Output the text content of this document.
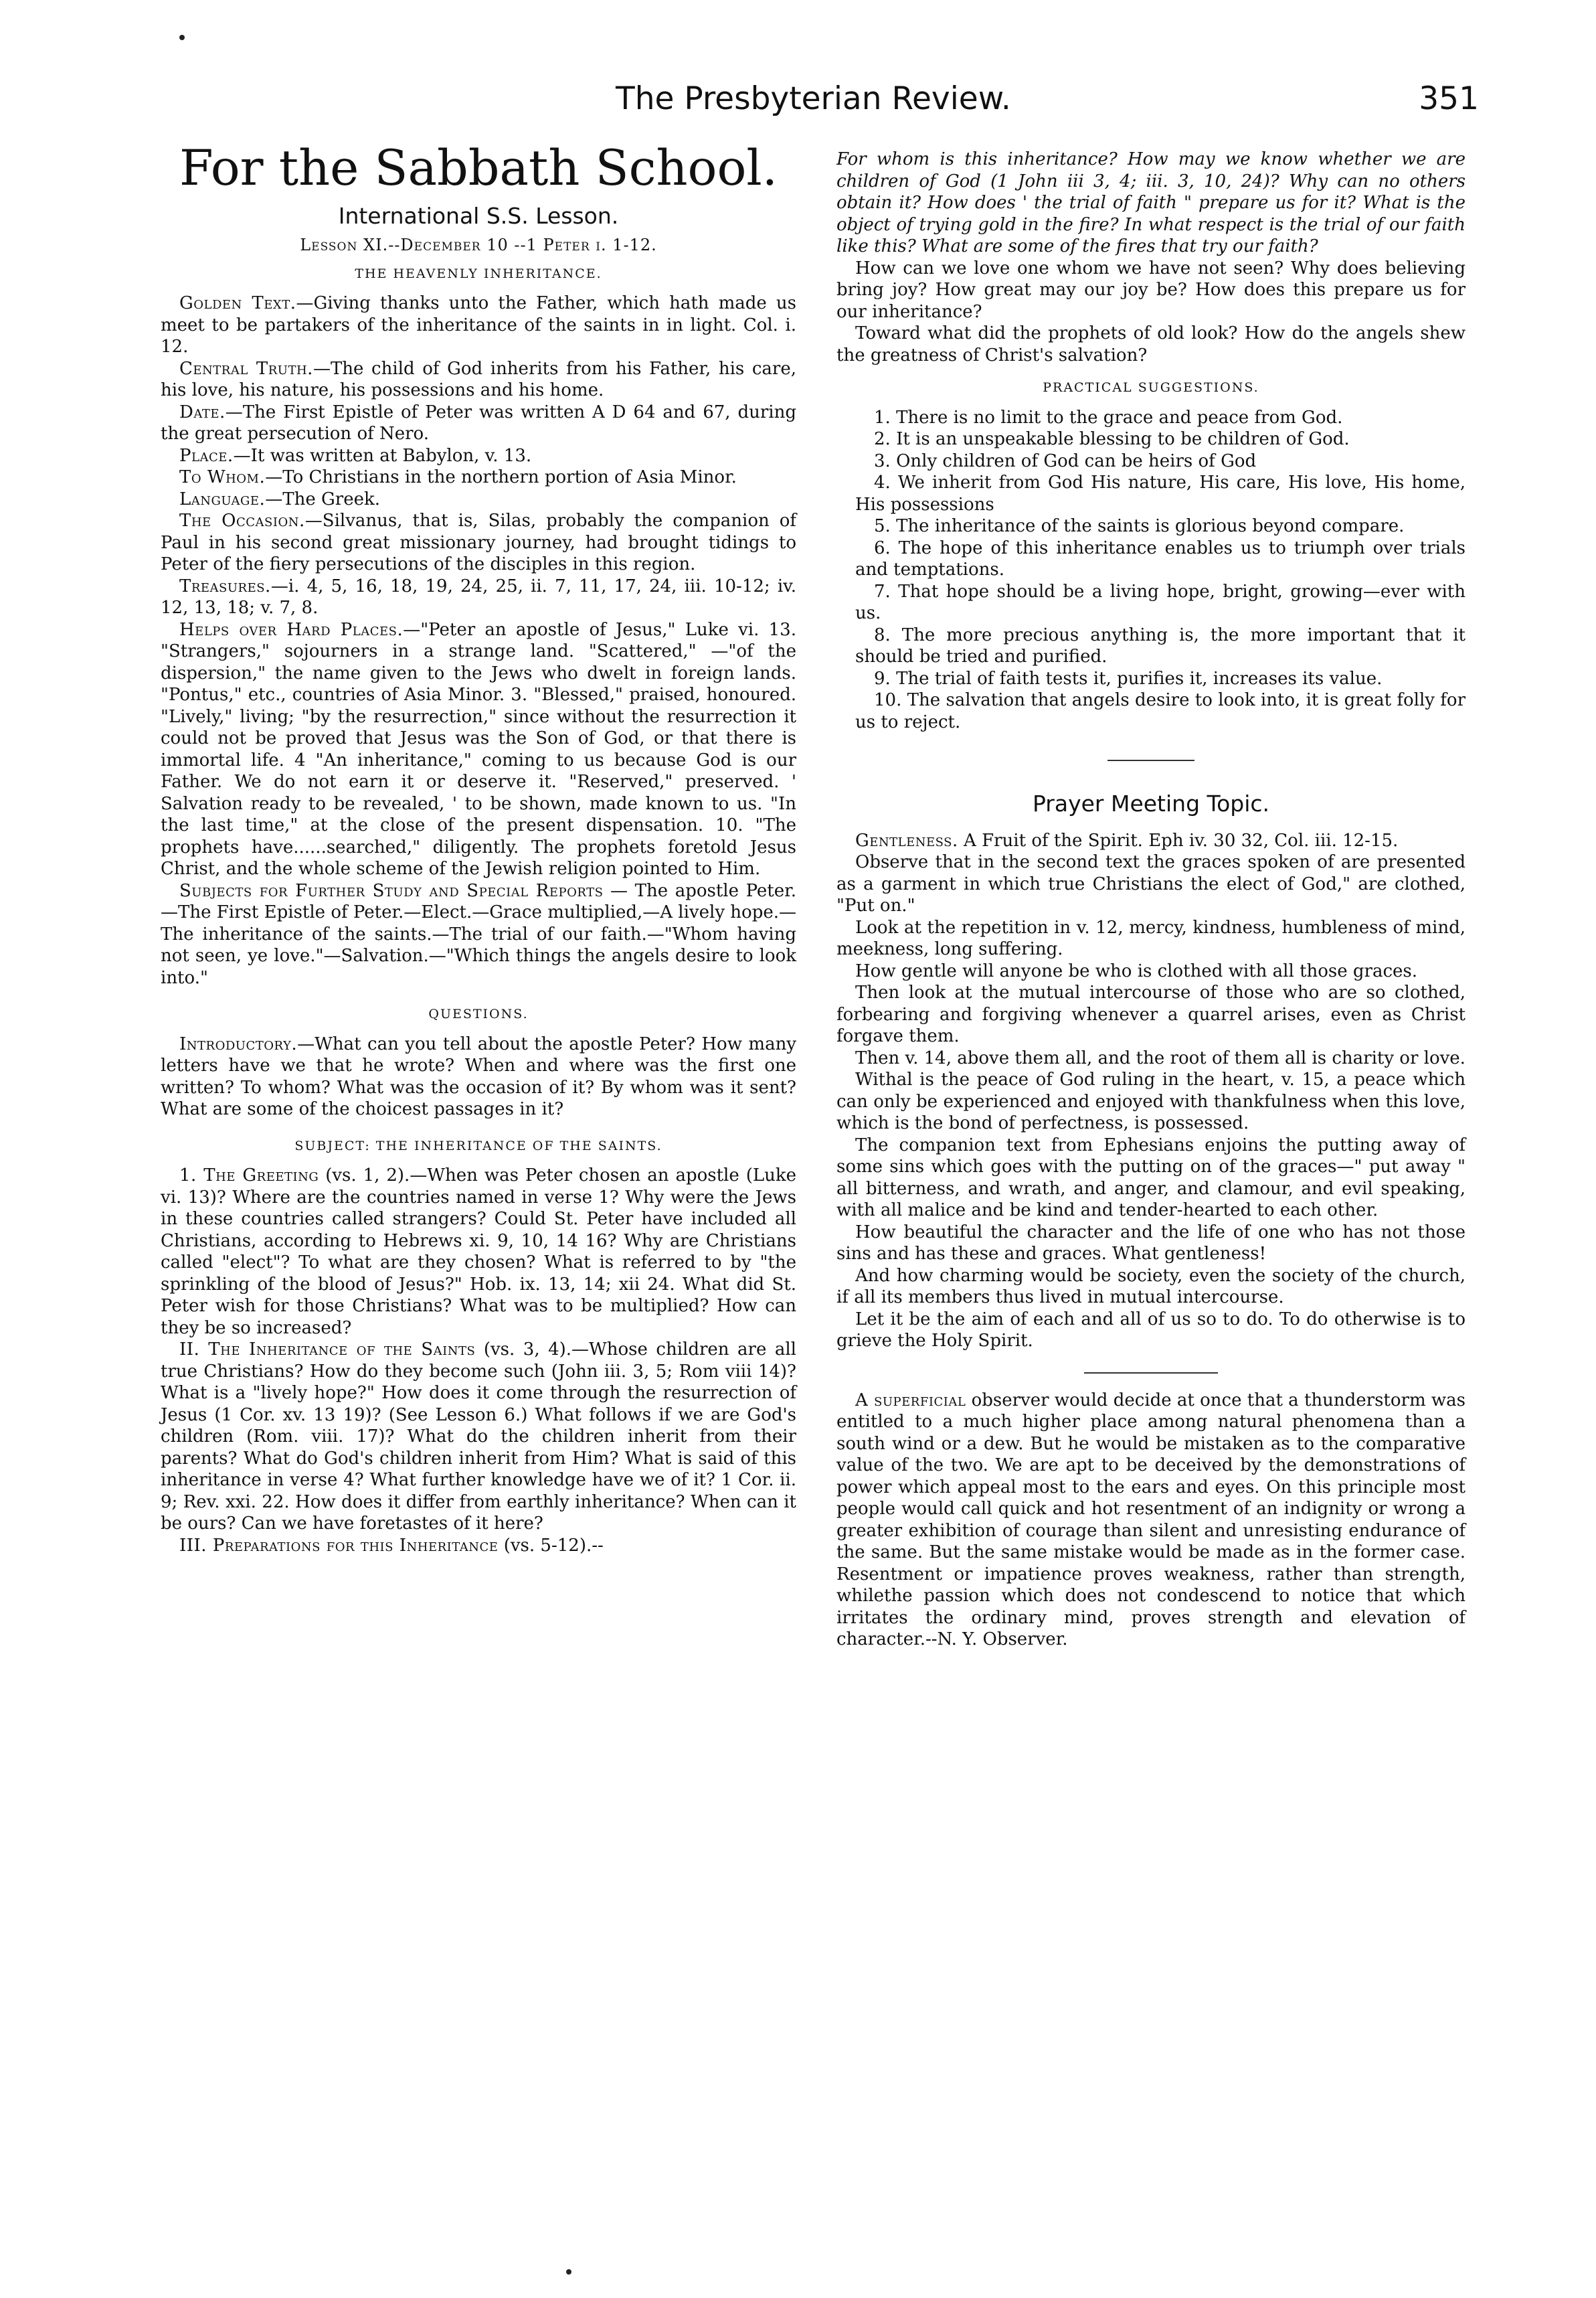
The Presbyterian Review.	351
For the Sabbath School.
International S.S. Lesson.
Lesson XI.--December 10 --1 Peter i. 1-12.
THE HEAVENLY INHERITANCE.

Golden Text.—Giving thanks unto the Father, which hath made us meet to be partakers of the inheritance of the saints in in light. Col. i. 12.

Central Truth.—The child of God inherits from his Father, his care, his love, his nature, his possessions and his home.

Date.—The First Epistle of Peter was written A D 64 and 67, during the great persecution of Nero.

Place.—It was written at Babylon, v. 13.

To Whom.—To Christians in the northern portion of Asia Minor.

Language.—The Greek.

The Occasion.—Silvanus, that is, Silas, probably the companion of Paul in his second great missionary journey, had brought tidings to Peter of the fiery persecutions of the disciples in this region.

Treasures.—i. 4, 5, 16, 18, 19, 24, 25, ii. 7, 11, 17, 24, iii. 10-12; iv. 12, 13, 18; v. 7, 8.

Helps over Hard Places.—"Peter an apostle of Jesus," Luke vi. 13. "Strangers," sojourners in a strange land. "Scattered," —"of the dispersion," the name given to the Jews who dwelt in foreign lands. "Pontus," etc., countries of Asia Minor. 3. "Blessed," praised, honoured. "Lively," living; "by the resurrection," since without the resurrection it could not be proved that Jesus was the Son of God, or that there is immortal life. 4 "An inheritance," coming to us because God is our Father. We do not earn it or deserve it. "Reserved," preserved. ' Salvation ready to be revealed, ' to be shown, made known to us. "In the last time," at the close of the present dispensation. 10. "The prophets have......searched," diligently. The prophets foretold Jesus Christ, and the whole scheme of the Jewish religion pointed to Him.

Subjects for Further Study and Special Reports — The apostle Peter.—The First Epistle of Peter.—Elect.—Grace multiplied,—A lively hope.—The inheritance of the saints.—The trial of our faith.—"Whom having not seen, ye love."—Salvation.—"Which things the angels desire to look into."

QUESTIONS.

Introductory.—What can you tell about the apostle Peter? How many letters have we that he wrote? When and where was the first one written? To whom? What was the occasion of it? By whom was it sent? What are some of the choicest passages in it?

SUBJECT: THE INHERITANCE OF THE SAINTS.

1. The Greeting (vs. 1, 2).—When was Peter chosen an apostle (Luke vi. 13)? Where are the countries named in verse 1? Why were the Jews in these countries called strangers? Could St. Peter have included all Christians, according to Hebrews xi. 9, 10, 14 16? Why are Christians called "elect"? To what are they chosen? What is referred to by "the sprinkling of the blood of Jesus?" Hob. ix. 13, 14; xii 24. What did St. Peter wish for those Christians? What was to be multiplied? How can they be so increased?

II. The Inheritance of the Saints (vs. 3, 4).—Whose children are all true Christians? How do they become such (John iii. 3, 5; Rom viii 14)? What is a "lively hope?" How does it come through the resurrection of Jesus (1 Cor. xv. 13 19)? (See Lesson 6.) What follows if we are God's children (Rom. viii. 17)? What do the children inherit from their parents? What do God's children inherit from Him? What is said of this inheritance in verse 4? What further knowledge have we of it? 1 Cor. ii. 9; Rev. xxi. 22. How does it differ from earthly inheritance? When can it be ours? Can we have foretastes of it here?

III. Preparations for this Inheritance (vs. 5-12).--

For whom is this inheritance? How may we know whether we are children of God (1 John iii 3, 4; iii. 3, 10, 24)? Why can no others obtain it? How does ' the trial of faith " prepare us for it? What is the object of trying gold in the fire? In what respect is the trial of our faith like this? What are some of the fires that try our faith?

How can we love one whom we have not seen? Why does believing bring joy? How great may our joy be? How does this prepare us for our inheritance?

Toward what did the prophets of old look? How do the angels shew the greatness of Christ's salvation?

PRACTICAL SUGGESTIONS.

1. There is no limit to the grace and peace from God.

2. It is an unspeakable blessing to be children of God.

3. Only children of God can be heirs of God

4. We inherit from God His nature, His care, His love, His home, His possessions

5. The inheritance of the saints is glorious beyond compare.

6. The hope of this inheritance enables us to triumph over trials and temptations.

7. That hope should be a living hope, bright, growing—ever with us.

8. The more precious anything is, the more important that it should be tried and purified.

9. The trial of faith tests it, purifies it, increases its value.

10. The salvation that angels desire to look into, it is great folly for us to reject.

Prayer Meeting Topic.

Gentleness. A Fruit of the Spirit. Eph iv. 30 32, Col. iii. 12-15.

Observe that in the second text the graces spoken of are presented as a garment in which true Christians the elect of God," are clothed, "Put on."

Look at the repetition in v. 12, mercy, kindness, humbleness of mind, meekness, long suffering.

How gentle will anyone be who is clothed with all those graces.

Then look at the mutual intercourse of those who are so clothed, forbearing and forgiving whenever a quarrel arises, even as Christ forgave them.

Then v. 14, above them all, and the root of them all is charity or love.

Withal is the peace of God ruling in the heart, v. 15, a peace which can only be experienced and enjoyed with thankfulness when this love, which is the bond of perfectness, is possessed.

The companion text from Ephesians enjoins the putting away of some sins which goes with the putting on of the graces—" put away " all bitterness, and wrath, and anger, and clamour, and evil speaking, with all malice and be kind and tender-hearted to each other.

How beautiful the character and the life of one who has not those sins and has these and graces. What gentleness!

And how charming would be society, even the society of the church, if all its members thus lived in mutual intercourse.

Let it be the aim of each and all of us so to do. To do otherwise is to grieve the Holy Spirit.

A superficial observer would decide at once that a thunderstorm was entitled to a much higher place among natural phenomena than a south wind or a dew. But he would be mistaken as to the comparative value of the two. We are apt to be deceived by the demonstrations of power which appeal most to the ears and eyes. On this principle most people would call quick and hot resentment of an indignity or wrong a greater exhibition of courage than silent and unresisting endurance of the same. But the same mistake would be made as in the former case. Resentment or impatience proves weakness, rather than strength, whilethe passion which does not condescend to notice that which irritates the ordinary mind, proves strength and elevation of character.--N. Y. Observer.
